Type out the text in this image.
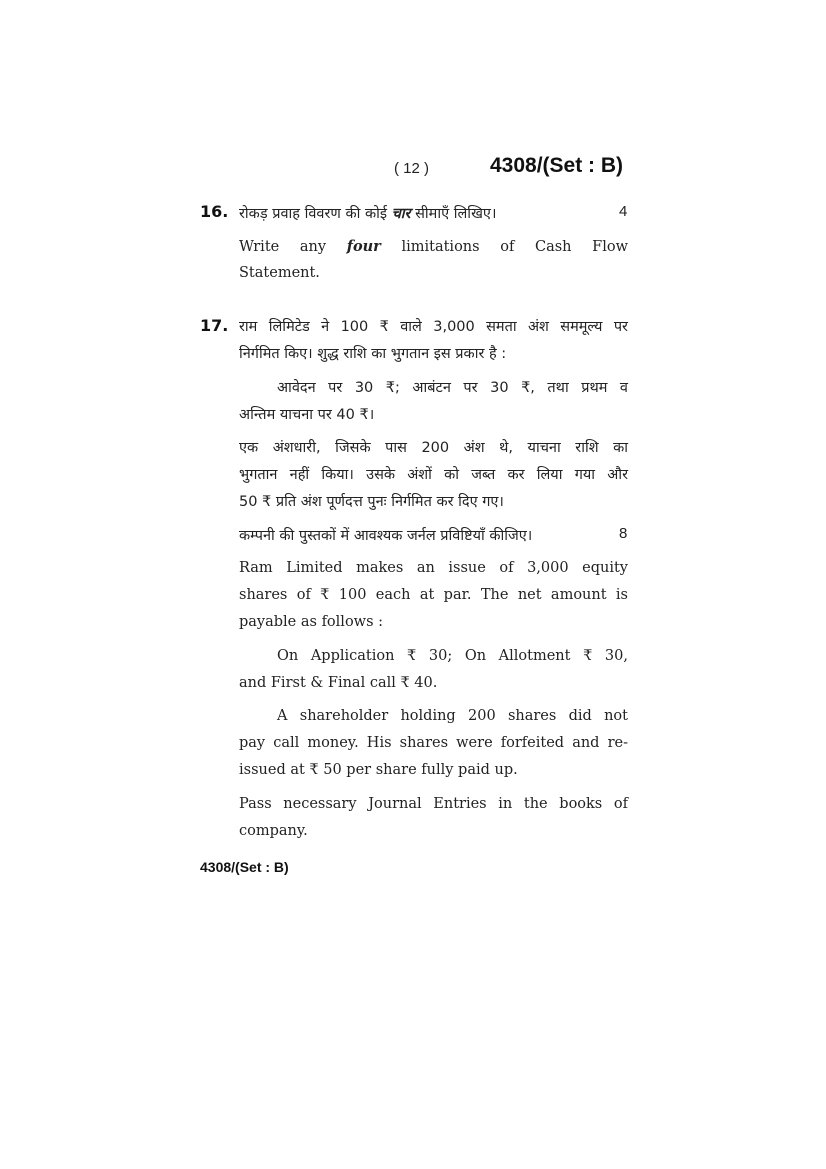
( 12 )	4308/(Set : B)
16. रोकड़ प्रवाह विवरण की कोई चार सीमाएँ लिखिए।	4
Write any four limitations of Cash Flow
Statement.
17. राम लिमिटेड ने 100 ₹ वाले 3,000 समता अंश सममूल्य पर
निर्गमित किए। शुद्ध राशि का भुगतान इस प्रकार है :
आवेदन पर 30 ₹; आबंटन पर 30 ₹, तथा प्रथम व
अन्तिम याचना पर 40 ₹।
एक अंशधारी, जिसके पास 200 अंश थे, याचना राशि का
भुगतान नहीं किया। उसके अंशों को जब्त कर लिया गया और
50 ₹ प्रति अंश पूर्णदत्त पुनः निर्गमित कर दिए गए।
कम्पनी की पुस्तकों में आवश्यक जर्नल प्रविष्टियाँ कीजिए।	8
Ram Limited makes an issue of 3,000 equity
shares of ₹ 100 each at par. The net amount is
payable as follows :
On Application ₹ 30; On Allotment ₹ 30,
and First & Final call ₹ 40.
A shareholder holding 200 shares did not
pay call money. His shares were forfeited and re-
issued at ₹ 50 per share fully paid up.
Pass necessary Journal Entries in the books of
company.
4308/(Set : B)
